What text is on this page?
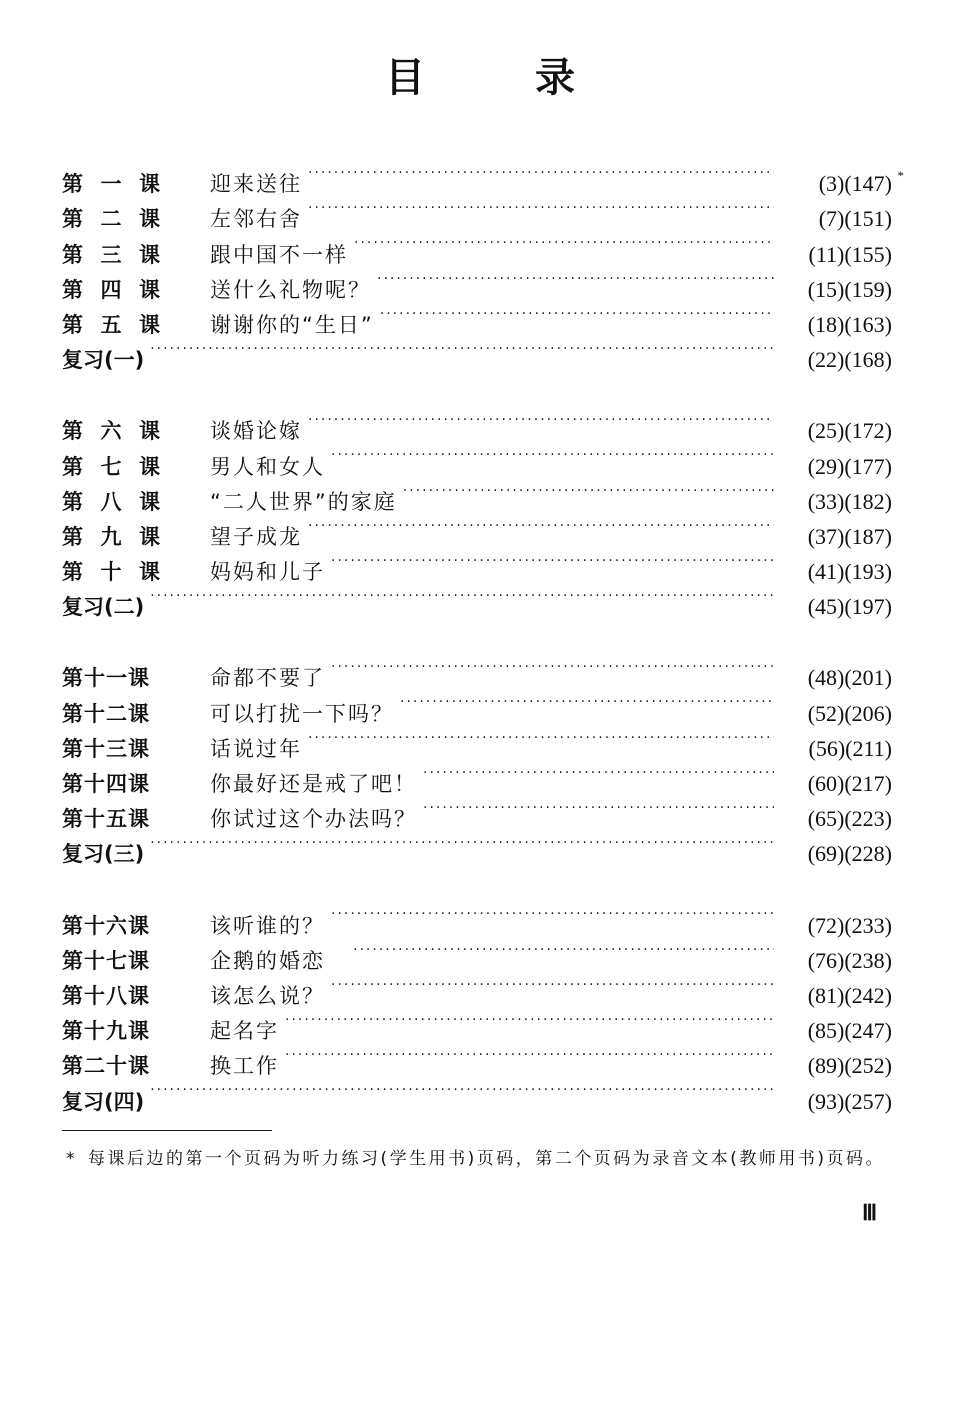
目	录
第 一 课 迎来送往 ·····	(3)(147) *
第 二 课 左邻右舍 ·····	(7)(151)
第 三 课 跟中国不一样 ·····	(11)(155)
第 四 课 送什么礼物呢？ ·····	(15)(159)
第 五 课 谢谢你的“生日” ·····	(18)(163)
复习(一) ·····	(22)(168)
第 六 课 谈婚论嫁 ·····	(25)(172)
第 七 课 男人和女人 ·····	(29)(177)
第 八 课 “二人世界”的家庭 ·····	(33)(182)
第 九 课 望子成龙 ·····	(37)(187)
第 十 课 妈妈和儿子 ·····	(41)(193)
复习(二) ·····	(45)(197)
第十一课	命都不要了 ·····	(48)(201)
第十二课	可以打扰一下吗？ ·····	(52)(206)
第十三课	话说过年 ·····	(56)(211)
第十四课	你最好还是戒了吧！ ·····	(60)(217)
第十五课	你试过这个办法吗？ ·····	(65)(223)
复习(三) ·····	(69)(228)
第十六课	该听谁的？ ·····	(72)(233)
第十七课	企鹅的婚恋 ·····	(76)(238)
第十八课	该怎么说？ ·····	(81)(242)
第十九课	起名字 ·····	(85)(247)
第二十课	换工作 ·····	(89)(252)
复习(四) ·····	(93)(257)
* 每课后边的第一个页码为听力练习(学生用书)页码，第二个页码为录音文本(教师用书)页码。
Ⅲ
